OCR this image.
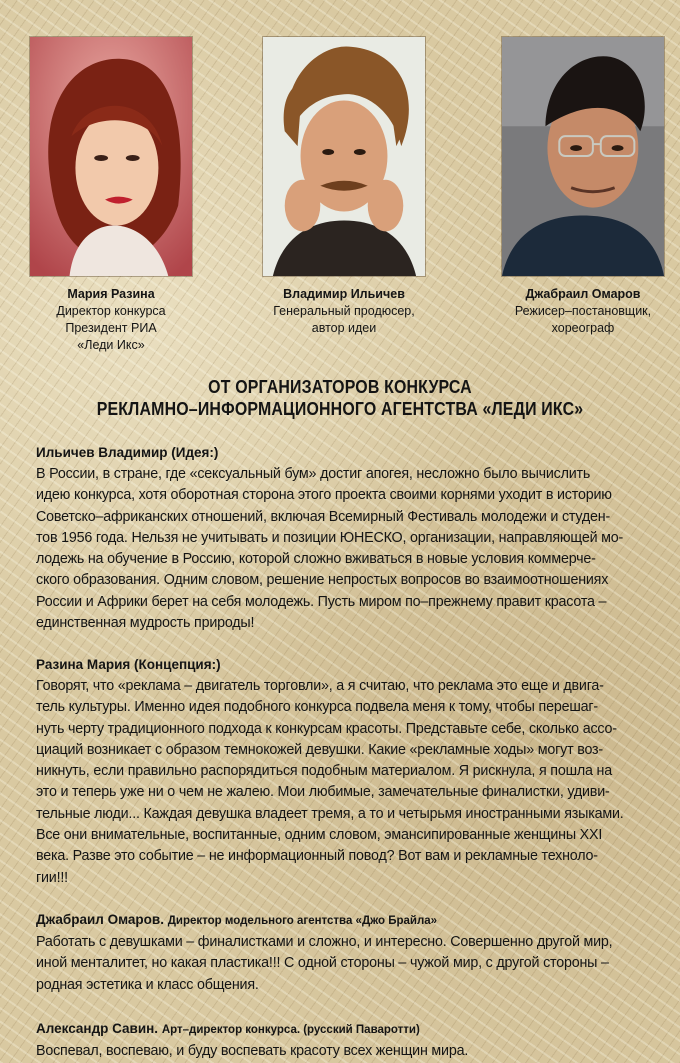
Мария Разина
Директор конкурса
Президент РИА
«Леди Икс»
Владимир Ильичев
Генеральный продюсер,
автор идеи
Джабраил Омаров
Режисер–постановщик,
хореограф
ОТ ОРГАНИЗАТОРОВ КОНКУРСА
РЕКЛАМНО–ИНФОРМАЦИОННОГО АГЕНТСТВА «ЛЕДИ ИКС»
Ильичев Владимир (Идея:)
В России, в стране, где «сексуальный бум» достиг апогея, несложно было вычислить
идею конкурса, хотя оборотная сторона этого проекта своими корнями уходит в историю
Советско–африканских отношений, включая Всемирный Фестиваль молодежи и студен-
тов 1956 года. Нельзя не учитывать и позиции ЮНЕСКО, организации, направляющей мо-
лодежь на обучение в Россию, которой сложно вживаться в новые условия коммерче-
ского образования. Одним словом, решение непростых вопросов во взаимоотношениях
России и Африки берет на себя молодежь. Пусть миром по–прежнему правит красота –
единственная мудрость природы!
Разина Мария (Концепция:)
Говорят, что «реклама – двигатель торговли», а я считаю, что реклама это еще и двига-
тель культуры. Именно идея подобного конкурса подвела меня к тому, чтобы перешаг-
нуть черту традиционного подхода к конкурсам красоты. Представьте себе, сколько ассо-
циаций возникает с образом темнокожей девушки. Какие «рекламные ходы» могут воз-
никнуть, если правильно распорядиться подобным материалом. Я рискнула, я пошла на
это и теперь уже ни о чем не жалею. Мои любимые, замечательные финалистки, удиви-
тельные люди... Каждая девушка владеет тремя, а то и четырьмя иностранными языками.
Все они внимательные, воспитанные, одним словом, эмансипированные женщины XXI
века. Разве это событие – не информационный повод? Вот вам и рекламные техноло-
гии!!!
Джабраил Омаров. Директор модельного агентства «Джо Брайла»
Работать с девушками – финалистками и сложно, и интересно. Совершенно другой мир,
иной менталитет, но какая пластика!!! С одной стороны – чужой мир, с другой стороны –
родная эстетика и класс общения.
Александр Савин. Арт–директор конкурса. (русский Паваротти)
Воспевал, воспеваю, и буду воспевать красоту всех женщин мира.
